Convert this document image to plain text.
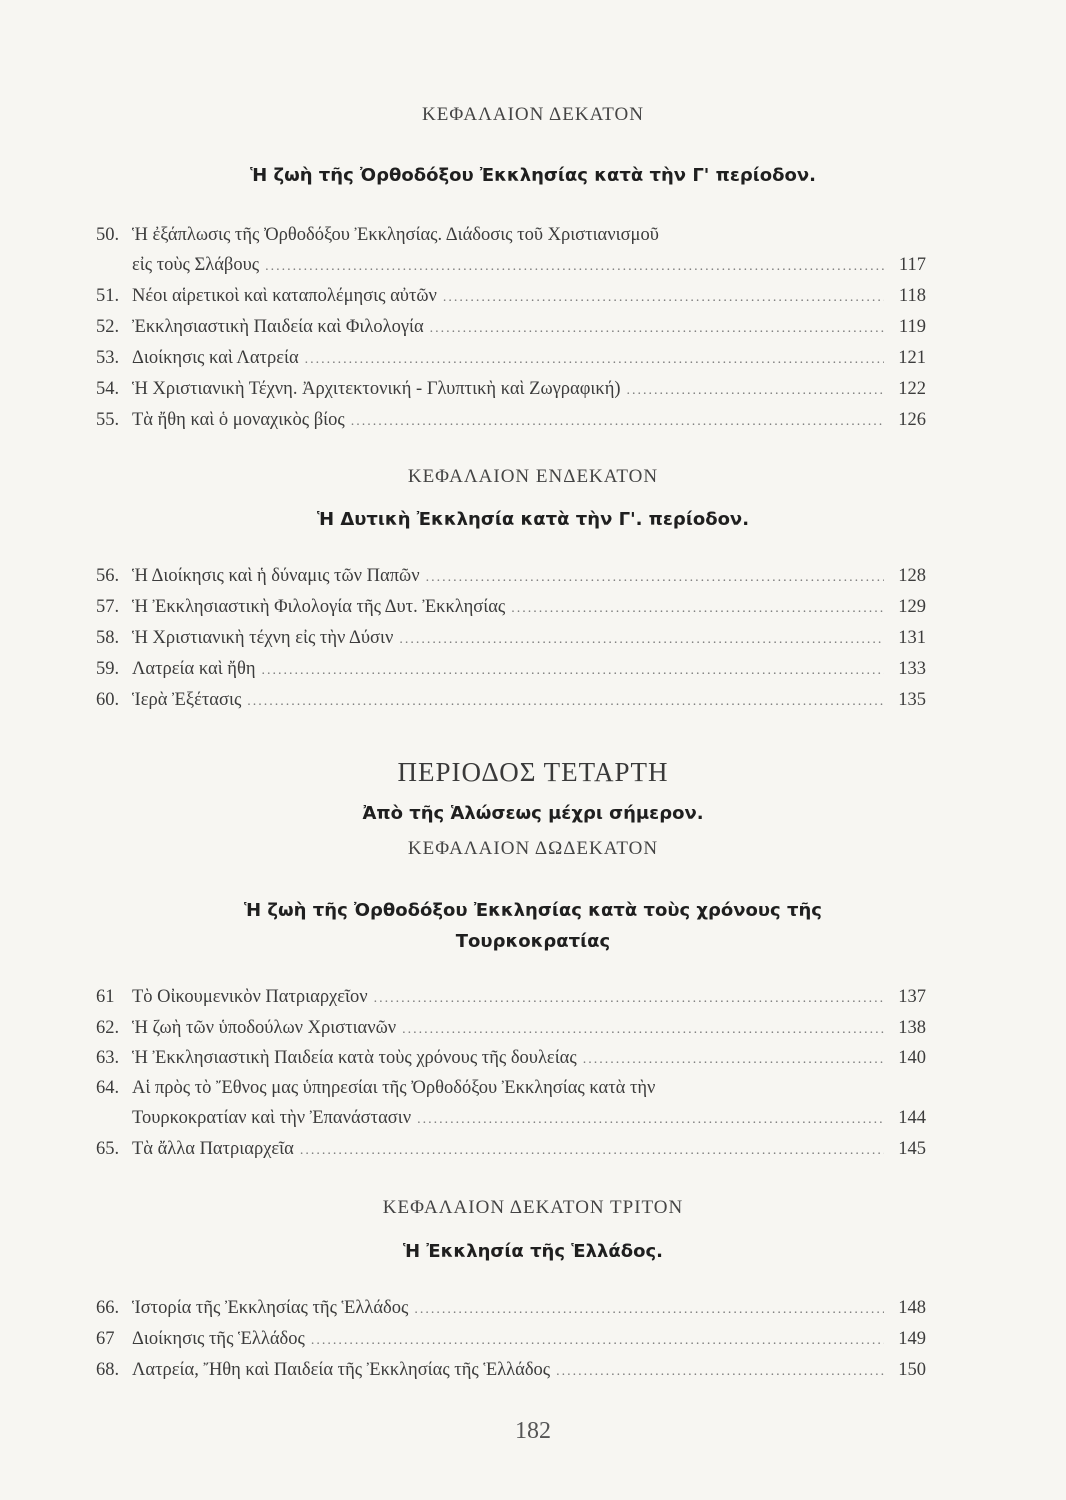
ΚΕΦΑΛΑΙΟΝ ΔΕΚΑΤΟΝ
Ἡ ζωὴ τῆς Ὀρθοδόξου Ἐκκλησίας κατὰ τὴν Γ' περίοδον.
50. Ἡ ἐξάπλωσις τῆς Ὀρθοδόξου Ἐκκλησίας. Διάδοσις τοῦ Χριστιανισμοῦ
εἰς τοὺς Σλάβους .....	117
51. Νέοι αἱρετικοὶ καὶ καταπολέμησις αὐτῶν .....	118
52. Ἐκκλησιαστικὴ Παιδεία καὶ Φιλολογία .....	119
53. Διοίκησις καὶ Λατρεία .....	121
54. Ἡ Χριστιανικὴ Τέχνη. Ἀρχιτεκτονική - Γλυπτικὴ καὶ Ζωγραφική) .....	122
55. Τὰ ἤθη καὶ ὁ μοναχικὸς βίος .....	126
ΚΕΦΑΛΑΙΟΝ ΕΝΔΕΚΑΤΟΝ
Ἡ Δυτικὴ Ἐκκλησία κατὰ τὴν Γ'. περίοδον.
56. Ἡ Διοίκησις καὶ ἡ δύναμις τῶν Παπῶν .....	128
57. Ἡ Ἐκκλησιαστικὴ Φιλολογία τῆς Δυτ. Ἐκκλησίας .....	129
58. Ἡ Χριστιανικὴ τέχνη εἰς τὴν Δύσιν .....	131
59. Λατρεία καὶ ἤθη .....	133
60. Ἱερὰ Ἐξέτασις .....	135
ΠΕΡΙΟΔΟΣ ΤΕΤΑΡΤΗ
Ἀπὸ τῆς Ἁλώσεως μέχρι σήμερον.
ΚΕΦΑΛΑΙΟΝ ΔΩΔΕΚΑΤΟΝ
Ἡ ζωὴ τῆς Ὀρθοδόξου Ἐκκλησίας κατὰ τοὺς χρόνους τῆς
Τουρκοκρατίας
61 Τὸ Οἰκουμενικὸν Πατριαρχεῖον .....	137
62. Ἡ ζωὴ τῶν ὑποδούλων Χριστιανῶν .....	138
63. Ἡ Ἐκκλησιαστικὴ Παιδεία κατὰ τοὺς χρόνους τῆς δουλείας .....	140
64. Αἱ πρὸς τὸ Ἔθνος μας ὑπηρεσίαι τῆς Ὀρθοδόξου Ἐκκλησίας κατὰ τὴν
Τουρκοκρατίαν καὶ τὴν Ἐπανάστασιν .....	144
65. Τὰ ἄλλα Πατριαρχεῖα .....	145
ΚΕΦΑΛΑΙΟΝ ΔΕΚΑΤΟΝ ΤΡΙΤΟΝ
Ἡ Ἐκκλησία τῆς Ἑλλάδος.
66. Ἱστορία τῆς Ἐκκλησίας τῆς Ἑλλάδος .....	148
67 Διοίκησις τῆς Ἑλλάδος .....	149
68. Λατρεία, Ἤθη καὶ Παιδεία τῆς Ἐκκλησίας τῆς Ἑλλάδος .....	150
182
